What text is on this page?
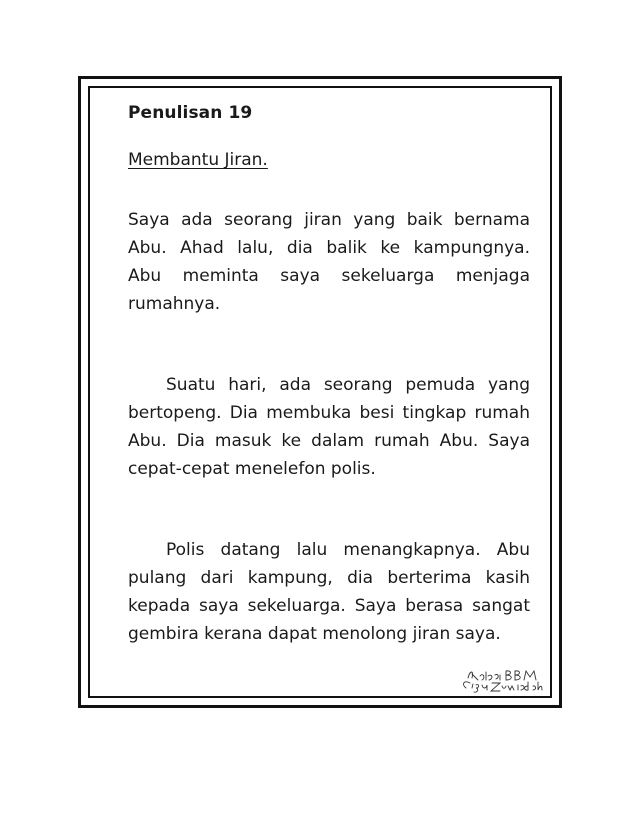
Penulisan 19

Membantu Jiran.

Saya ada seorang jiran yang baik bernama
Abu. Ahad lalu, dia balik ke kampungnya.
Abu meminta saya sekeluarga menjaga
rumahnya.
Suatu hari, ada seorang pemuda yang
bertopeng. Dia membuka besi tingkap rumah
Abu. Dia masuk ke dalam rumah Abu. Saya
cepat-cepat menelefon polis.
Polis datang lalu menangkapnya. Abu
pulang dari kampung, dia berterima kasih
kepada saya sekeluarga. Saya berasa sangat
gembira kerana dapat menolong jiran saya.
